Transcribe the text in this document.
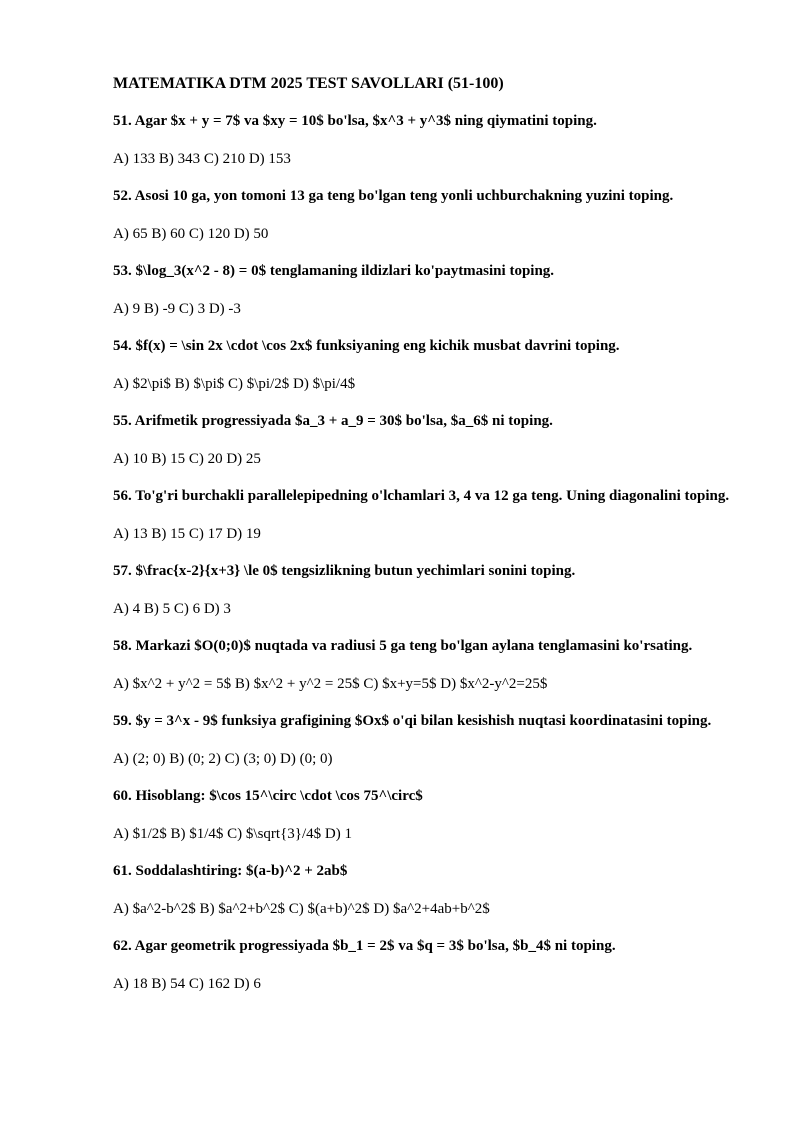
MATEMATIKA DTM 2025 TEST SAVOLLARI (51-100)

51. Agar $x + y = 7$ va $xy = 10$ bo'lsa, $x^3 + y^3$ ning qiymatini toping.

A) 133 B) 343 C) 210 D) 153

52. Asosi 10 ga, yon tomoni 13 ga teng bo'lgan teng yonli uchburchakning yuzini toping.

A) 65 B) 60 C) 120 D) 50

53. $\log_3(x^2 - 8) = 0$ tenglamaning ildizlari ko'paytmasini toping.

A) 9 B) -9 C) 3 D) -3

54. $f(x) = \sin 2x \cdot \cos 2x$ funksiyaning eng kichik musbat davrini toping.

A) $2\pi$ B) $\pi$ C) $\pi/2$ D) $\pi/4$

55. Arifmetik progressiyada $a_3 + a_9 = 30$ bo'lsa, $a_6$ ni toping.

A) 10 B) 15 C) 20 D) 25

56. To'g'ri burchakli parallelepipedning o'lchamlari 3, 4 va 12 ga teng. Uning diagonalini toping.

A) 13 B) 15 C) 17 D) 19

57. $\frac{x-2}{x+3} \le 0$ tengsizlikning butun yechimlari sonini toping.

A) 4 B) 5 C) 6 D) 3

58. Markazi $O(0;0)$ nuqtada va radiusi 5 ga teng bo'lgan aylana tenglamasini ko'rsating.

A) $x^2 + y^2 = 5$ B) $x^2 + y^2 = 25$ C) $x+y=5$ D) $x^2-y^2=25$

59. $y = 3^x - 9$ funksiya grafigining $Ox$ o'qi bilan kesishish nuqtasi koordinatasini toping.

A) (2; 0) B) (0; 2) C) (3; 0) D) (0; 0)

60. Hisoblang: $\cos 15^\circ \cdot \cos 75^\circ$

A) $1/2$ B) $1/4$ C) $\sqrt{3}/4$ D) 1

61. Soddalashtiring: $(a-b)^2 + 2ab$

A) $a^2-b^2$ B) $a^2+b^2$ C) $(a+b)^2$ D) $a^2+4ab+b^2$

62. Agar geometrik progressiyada $b_1 = 2$ va $q = 3$ bo'lsa, $b_4$ ni toping.

A) 18 B) 54 C) 162 D) 6
